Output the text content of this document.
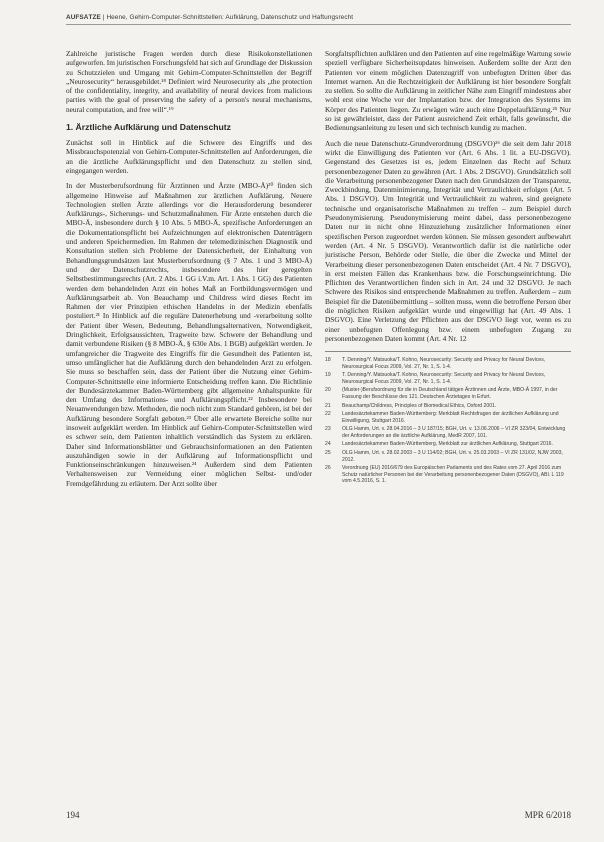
AUFSÄTZE | Heene, Gehirn-Computer-Schnittstellen: Aufklärung, Datenschutz und Haftungsrecht

Zahlreiche juristische Fragen werden durch diese Risikokonstellationen aufgeworfen. Im juristischen Forschungsfeld hat sich auf Grundlage der Diskussion zu Schutzzielen und Umgang mit Gehirn-Computer-Schnittstellen der Begriff „Neurosecurity“ herausgebildet.¹⁸ Definiert wird Neurosecurity als „the protection of the confidentiality, integrity, and availability of neural devices from malicious parties with the goal of preserving the safety of a person's neural mechanisms, neural computation, and free will“.¹⁹

1. Ärztliche Aufklärung und Datenschutz

Zunächst soll in Hinblick auf die Schwere des Eingriffs und des Missbrauchspotenzial von Gehirn-Computer-Schnittstellen auf Anforderungen, die an die ärztliche Aufklärungspflicht und den Datenschutz zu stellen sind, eingegangen werden.

In der Musterberufsordnung für Ärztinnen und Ärzte (MBO-Ä)²⁰ finden sich allgemeine Hinweise auf Maßnahmen zur ärztlichen Aufklärung. Neuere Technologien stellen Ärzte allerdings vor die Herausforderung besonderer Aufklärungs-, Sicherungs- und Schutzmaßnahmen. Für Ärzte entstehen durch die MBO-Ä, insbesondere durch § 10 Abs. 5 MBO-Ä, spezifische Anforderungen an die Dokumentationspflicht bei Aufzeichnungen auf elektronischen Datenträgern und anderen Speichermedien. Im Rahmen der telemedizinischen Diagnostik und Konsultation stellen sich Probleme der Datensicherheit, der Einhaltung von Behandlungsgrundsätzen laut Musterberufsordnung (§ 7 Abs. 1 und 3 MBO-Ä) und der Datenschutzrechts, insbesondere des hier geregelten Selbstbestimmungsrechts (Art. 2 Abs. 1 GG i.V.m. Art. 1 Abs. 1 GG) des Patienten werden dem behandelnden Arzt ein hohes Maß an Fortbildungsvermögen und Aufklärungsarbeit ab. Von Beauchamp und Childress wird dieses Recht im Rahmen der vier Prinzipien ethischen Handelns in der Medizin ebenfalls postuliert.²¹ In Hinblick auf die reguläre Datenerhebung und -verarbeitung sollte der Patient über Wesen, Bedeutung, Behandlungsalternativen, Notwendigkeit, Dringlichkeit, Erfolgsaussichten, Tragweite bzw. Schwere der Behandlung und damit verbundene Risiken (§ 8 MBO-Ä, § 630e Abs. 1 BGB) aufgeklärt werden. Je umfangreicher die Tragweite des Eingriffs für die Gesundheit des Patienten ist, umso umfänglicher hat die Aufklärung durch den behandelnden Arzt zu erfolgen. Sie muss so beschaffen sein, dass der Patient über die Nutzung einer Gehirn-Computer-Schnittstelle eine informierte Entscheidung treffen kann. Die Richtlinie der Bundesärztekammer Baden-Württemberg gibt allgemeine Anhaltspunkte für den Umfang des Informations- und Aufklärungspflicht.²² Insbesondere bei Neuanwendungen bzw. Methoden, die noch nicht zum Standard gehören, ist bei der Aufklärung besondere Sorgfalt geboten.²³ Über alle erwartete Bereiche sollte nur insoweit aufgeklärt werden. Im Hinblick auf Gehirn-Computer-Schnittstellen wird es schwer sein, dem Patienten inhaltlich verständlich das System zu erklären. Daher sind Informationsblätter und Gebrauchsinformationen an den Patienten auszuhändigen sowie in der Aufklärung auf Informationspflicht und Funktionseinschränkungen hinzuweisen.²⁴ Außerdem sind dem Patienten Verhaltensweisen zur Vermeidung einer möglichen Selbst- und/oder Fremdgefährdung zu erläutern. Der Arzt sollte über

Sorgfaltspflichten aufklären und den Patienten auf eine regelmäßige Wartung sowie speziell verfügbare Sicherheitsupdates hinweisen. Außerdem sollte der Arzt den Patienten vor einem möglichen Datenzugriff von unbefugten Dritten über das Internet warnen. An die Rechtzeitigkeit der Aufklärung ist hier besondere Sorgfalt zu stellen. So sollte die Aufklärung in zeitlicher Nähe zum Eingriff mindestens aber wohl erst eine Woche vor der Implantation bzw. der Integration des Systems im Körper des Patienten liegen. Zu erwägen wäre auch eine Doppelaufklärung.²⁵ Nur so ist gewährleistet, dass der Patient ausreichend Zeit erhält, falls gewünscht, die Bedienungsanleitung zu lesen und sich technisch kundig zu machen.

Auch die neue Datenschutz-Grundverordnung (DSGVO)²⁶ die seit dem Jahr 2018 wirkt die Einwilligung des Patienten vor (Art. 6 Abs. 1 lit. a EU-DSGVO). Gegenstand des Gesetzes ist es, jedem Einzelnen das Recht auf Schutz personenbezogener Daten zu gewähren (Art. 1 Abs. 2 DSGVO). Grundsätzlich soll die Verarbeitung personenbezogener Daten nach den Grundsätzen der Transparenz, Zweckbindung, Datenminimierung, Integrität und Vertraulichkeit erfolgen (Art. 5 Abs. 1 DSGVO). Um Integrität und Vertraulichkeit zu wahren, sind geeignete technische und organisatorische Maßnahmen zu treffen – zum Beispiel durch Pseudonymisierung. Pseudonymisierung meint dabei, dass personenbezogene Daten nur in nicht ohne Hinzuziehung zusätzlicher Informationen einer spezifischen Person zugeordnet werden können. Sie müssen gesondert aufbewahrt werden (Art. 4 Nr. 5 DSGVO). Verantwortlich dafür ist die natürliche oder juristische Person, Behörde oder Stelle, die über die Zwecke und Mittel der Verarbeitung dieser personenbezogenen Daten entscheidet (Art. 4 Nr. 7 DSGVO), in erst meisten Fällen das Krankenhaus bzw. die Forschungseinrichtung. Die Pflichten des Verantwortlichen finden sich in Art. 24 und 32 DSGVO. Je nach Schwere des Risikos sind entsprechende Maßnahmen zu treffen. Außerdem – zum Beispiel für die Datenübermittlung – sollten muss, wenn die betroffene Person über die möglichen Risiken aufgeklärt wurde und eingewilligt hat (Art. 49 Abs. 1 DSGVO). Eine Verletzung der Pflichten aus der DSGVO liegt vor, wenn es zu einer unbefugten Offenlegung bzw. einem unbefugten Zugang zu personenbezogenen Daten kommt (Art. 4 Nr. 12

18	T. Denning/Y. Matsuoka/T. Kohno, Neurosecurity: Security and Privacy for Neural Devices, Neurosurgical Focus 2009, Vol. 27, Nr. 1, S. 1-4.
19	T. Denning/Y. Matsuoka/T. Kohno, Neurosecurity: Security and Privacy for Neural Devices, Neurosurgical Focus 2009, Vol. 27, Nr. 1, S. 1-4.
20	(Muster-)Berufsordnung für die in Deutschland tätigen Ärztinnen und Ärzte, MBO-Ä 1997, in der Fassung der Beschlüsse des 121. Deutschen Ärztetages in Erfurt.
21	Beauchamp/Childress, Principles of Biomedical Ethics, Oxford 2001.
22	Landesärztekammer Baden-Württemberg: Merkblatt Rechtsfragen der ärztlichen Aufklärung und Einwilligung, Stuttgart 2016.
23	OLG Hamm, Urt. v. 28.04.2016 – 3 U 187/15; BGH, Urt. v. 13.06.2006 – VI ZR 323/04, Entwicklung der Anforderungen an die ärztliche Aufklärung, MedR 2007, 101.
24	Landesärztekammer Baden-Württemberg, Merkblatt zur ärztlichen Aufklärung, Stuttgart 2016.
25	OLG Hamm, Urt. v. 28.02.2003 – 3 U 114/02; BGH, Urt. v. 25.03.2003 – VI ZR 131/02, NJW 2003, 2012.
26	Verordnung (EU) 2016/679 des Europäischen Parlaments und des Rates vom 27. April 2016 zum Schutz natürlicher Personen bei der Verarbeitung personenbezogener Daten (DSGVO), ABl. L 119 vom 4.5.2016, S. 1.
194	MPR 6/2018
